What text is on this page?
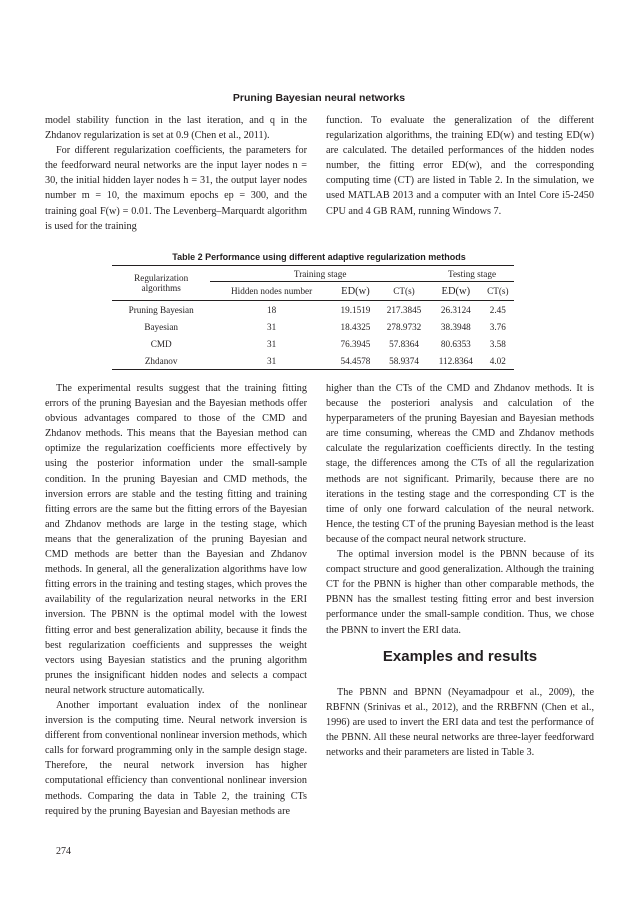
Pruning Bayesian neural networks

model stability function in the last iteration, and q in the Zhdanov regularization is set at 0.9 (Chen et al., 2011).

For different regularization coefficients, the parameters for the feedforward neural networks are the input layer nodes n = 30, the initial hidden layer nodes h = 31, the output layer nodes number m = 10, the maximum epochs ep = 300, and the training goal F(w) = 0.01. The Levenberg–Marquardt algorithm is used for the training

function. To evaluate the generalization of the different regularization algorithms, the training ED(w) and testing ED(w) are calculated. The detailed performances of the hidden nodes number, the fitting error ED(w), and the corresponding computing time (CT) are listed in Table 2. In the simulation, we used MATLAB 2013 and a computer with an Intel Core i5-2450 CPU and 4 GB RAM, running Windows 7.

Table 2 Performance using different adaptive regularization methods
Regularization
algorithms	Training stage			Testing stage	
	Hidden nodes number	ED(w)	CT(s)	ED(w)	CT(s)
Pruning Bayesian	18	19.1519	217.3845	26.3124	2.45
Bayesian	31	18.4325	278.9732	38.3948	3.76
CMD	31	76.3945	57.8364	80.6353	3.58
Zhdanov	31	54.4578	58.9374	112.8364	4.02

The experimental results suggest that the training fitting errors of the pruning Bayesian and the Bayesian methods offer obvious advantages compared to those of the CMD and Zhdanov methods. This means that the Bayesian method can optimize the regularization coefficients more effectively by using the posterior information under the small-sample condition. In the pruning Bayesian and CMD methods, the inversion errors are stable and the testing fitting and training fitting errors are the same but the fitting errors of the Bayesian and Zhdanov methods are large in the testing stage, which means that the generalization of the pruning Bayesian and CMD methods are better than the Bayesian and Zhdanov methods. In general, all the generalization algorithms have low fitting errors in the training and testing stages, which proves the availability of the regularization neural networks in the ERI inversion. The PBNN is the optimal model with the lowest fitting error and best generalization ability, because it finds the best regularization coefficients and suppresses the weight vectors using Bayesian statistics and the pruning algorithm prunes the insignificant hidden nodes and selects a compact neural network structure automatically.

Another important evaluation index of the nonlinear inversion is the computing time. Neural network inversion is different from conventional nonlinear inversion methods, which calls for forward programming only in the sample design stage. Therefore, the neural network inversion has higher computational efficiency than conventional nonlinear inversion methods. Comparing the data in Table 2, the training CTs required by the pruning Bayesian and Bayesian methods are

higher than the CTs of the CMD and Zhdanov methods. It is because the posteriori analysis and calculation of the hyperparameters of the pruning Bayesian and Bayesian methods are time consuming, whereas the CMD and Zhdanov methods calculate the regularization coefficients directly. In the testing stage, the differences among the CTs of all the regularization methods are not significant. Primarily, because there are no iterations in the testing stage and the corresponding CT is the time of only one forward calculation of the neural network. Hence, the testing CT of the pruning Bayesian method is the least because of the compact neural network structure.

The optimal inversion model is the PBNN because of its compact structure and good generalization. Although the training CT for the PBNN is higher than other comparable methods, the PBNN has the smallest testing fitting error and best inversion performance under the small-sample condition. Thus, we chose the PBNN to invert the ERI data.

Examples and results

The PBNN and BPNN (Neyamadpour et al., 2009), the RBFNN (Srinivas et al., 2012), and the RRBFNN (Chen et al., 1996) are used to invert the ERI data and test the performance of the PBNN. All these neural networks are three-layer feedforward networks and their parameters are listed in Table 3.

274
